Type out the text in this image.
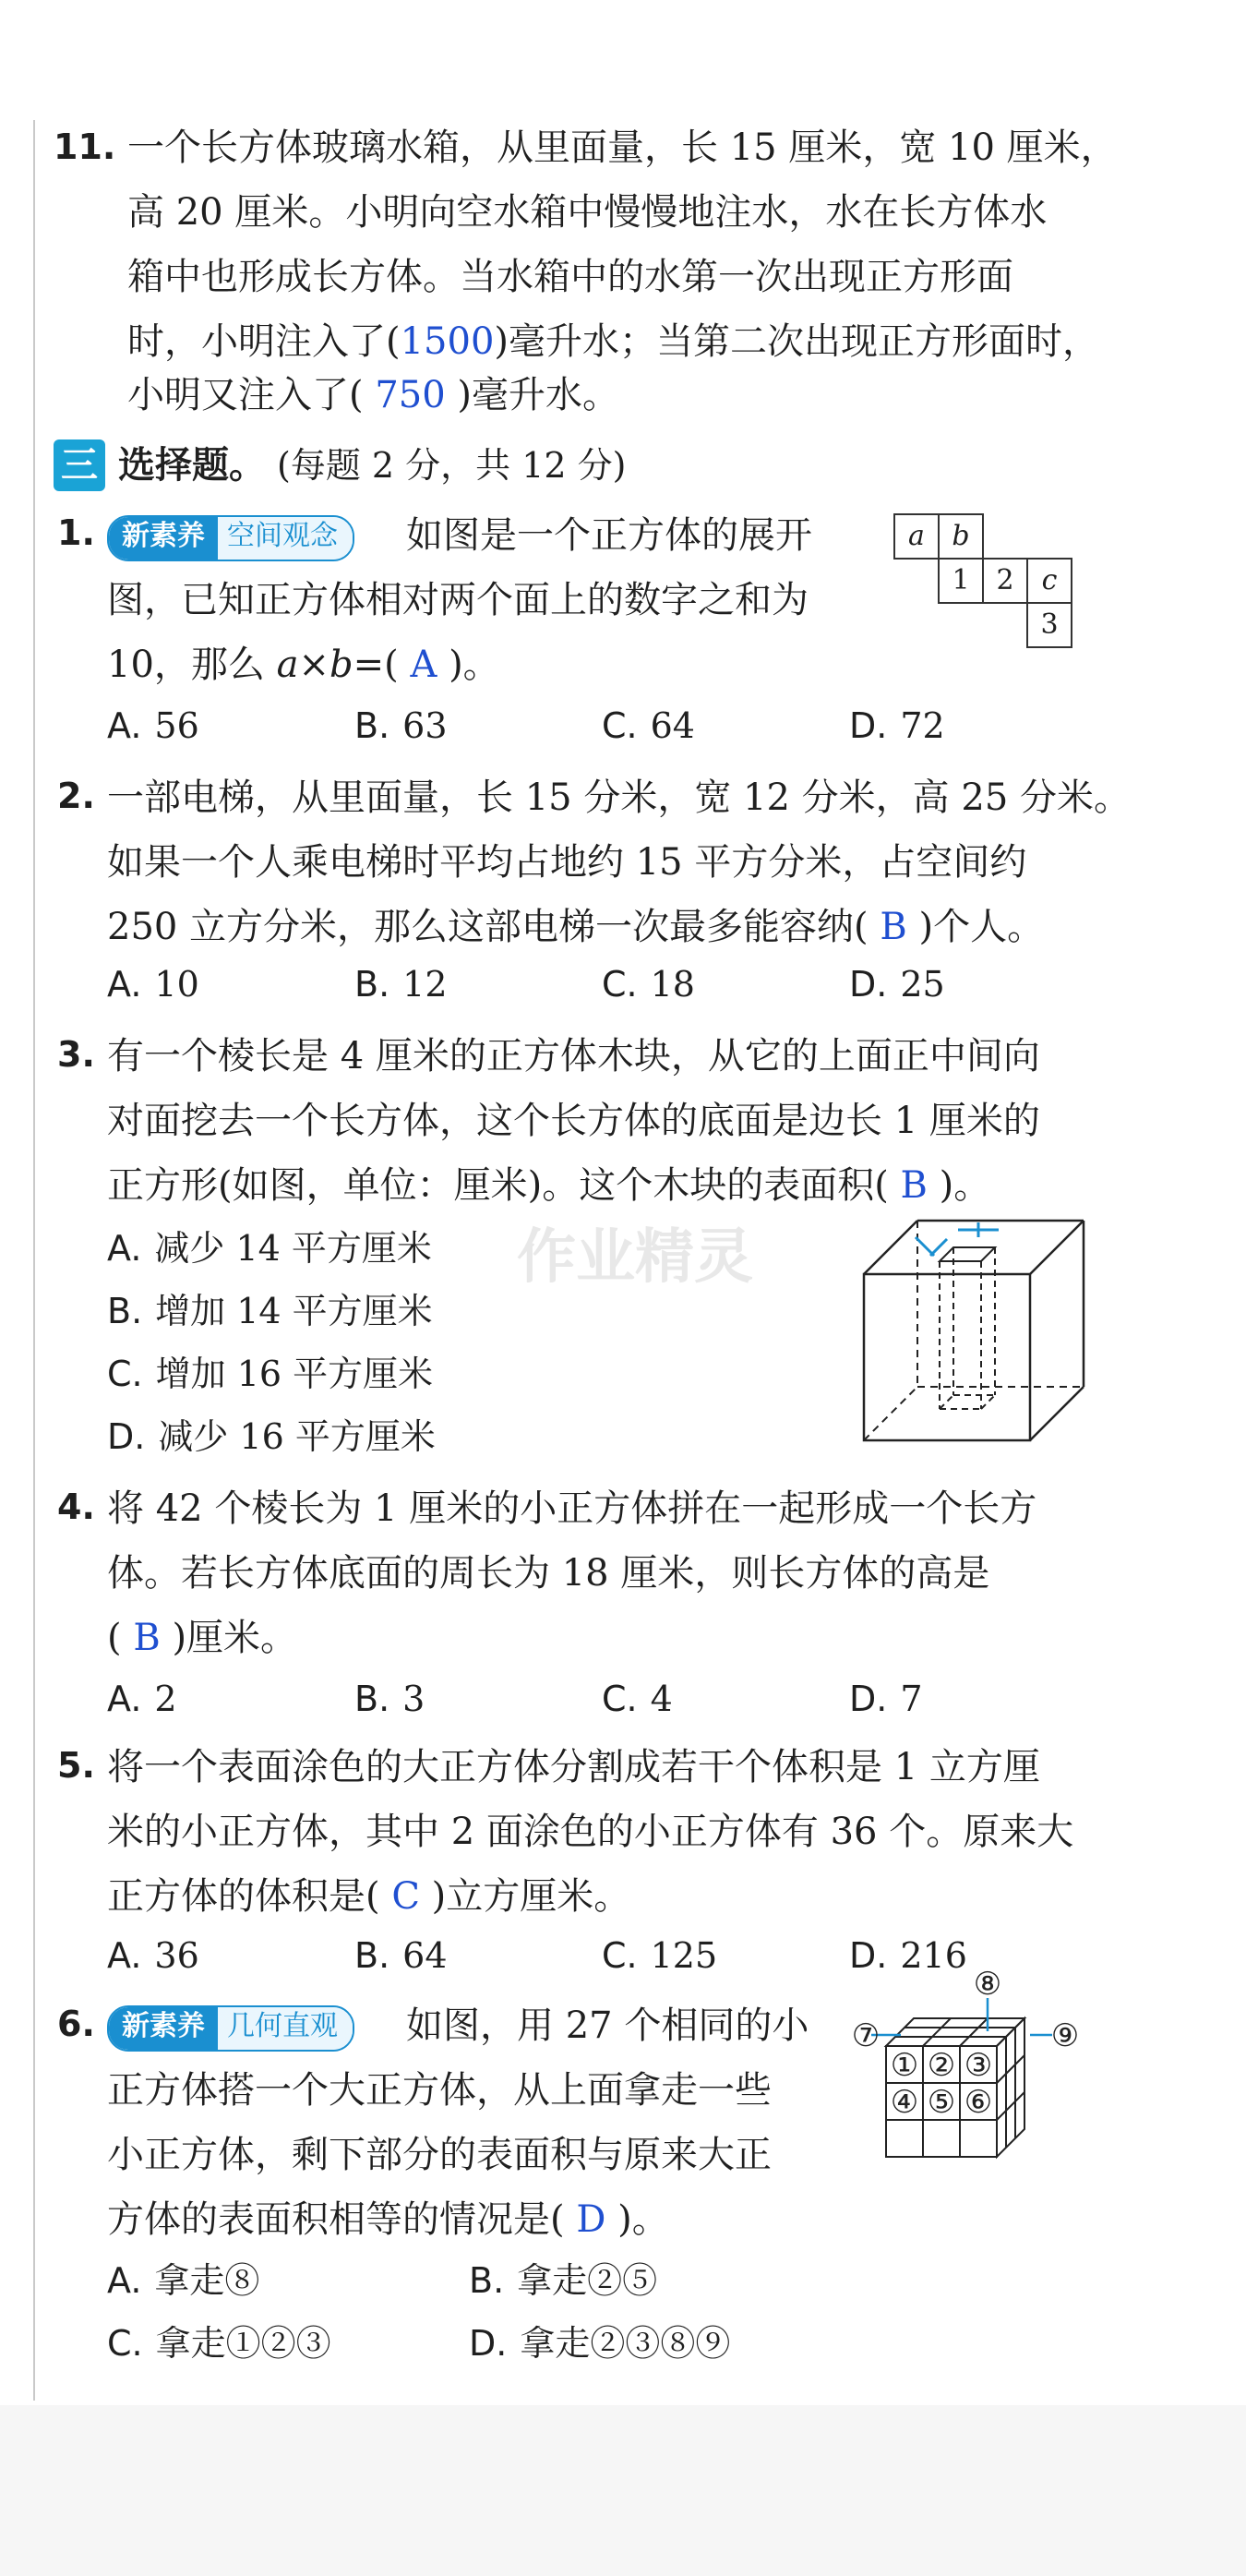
11. 一个长方体玻璃水箱，从里面量，长 15 厘米，宽 10 厘米，
高 20 厘米。小明向空水箱中慢慢地注水，水在长方体水
箱中也形成长方体。当水箱中的水第一次出现正方形面
时，小明注入了(1500)毫升水；当第二次出现正方形面时，
小明又注入了( 750 )毫升水。
三 选择题。 (每题 2 分，共 12 分)
1. 新素养 空间观念	如图是一个正方体的展开
图，已知正方体相对两个面上的数字之和为
10，那么 a×b=( A )。
a b
1 2	c
3
A. 56	B. 63	C. 64	D. 72
2. 一部电梯，从里面量，长 15 分米，宽 12 分米，高 25 分米。
如果一个人乘电梯时平均占地约 15 平方分米，占空间约
250 立方分米，那么这部电梯一次最多能容纳( B )个人。
A. 10	B. 12	C. 18	D. 25
3. 有一个棱长是 4 厘米的正方体木块，从它的上面正中间向
对面挖去一个长方体，这个长方体的底面是边长 1 厘米的
正方形(如图，单位：厘米)。这个木块的表面积( B )。
A. 减少 14 平方厘米
B. 增加 14 平方厘米
C. 增加 16 平方厘米
D. 减少 16 平方厘米
4. 将 42 个棱长为 1 厘米的小正方体拼在一起形成一个长方
体。若长方体底面的周长为 18 厘米，则长方体的高是
( B )厘米。
A. 2	B. 3	C. 4	D. 7
5. 将一个表面涂色的大正方体分割成若干个体积是 1 立方厘
米的小正方体，其中 2 面涂色的小正方体有 36 个。原来大
正方体的体积是( C )立方厘米。
A. 36	B. 64	C. 125	D. 216
6. 新素养 几何直观	如图，用 27 个相同的小
正方体搭一个大正方体，从上面拿走一些
小正方体，剩下部分的表面积与原来大正
方体的表面积相等的情况是( D )。
A. 拿走⑧	B. 拿走②⑤
C. 拿走①②③	D. 拿走②③⑧⑨
① ② ③
④ ⑤ ⑥
⑦
⑧
⑨
作业精灵
